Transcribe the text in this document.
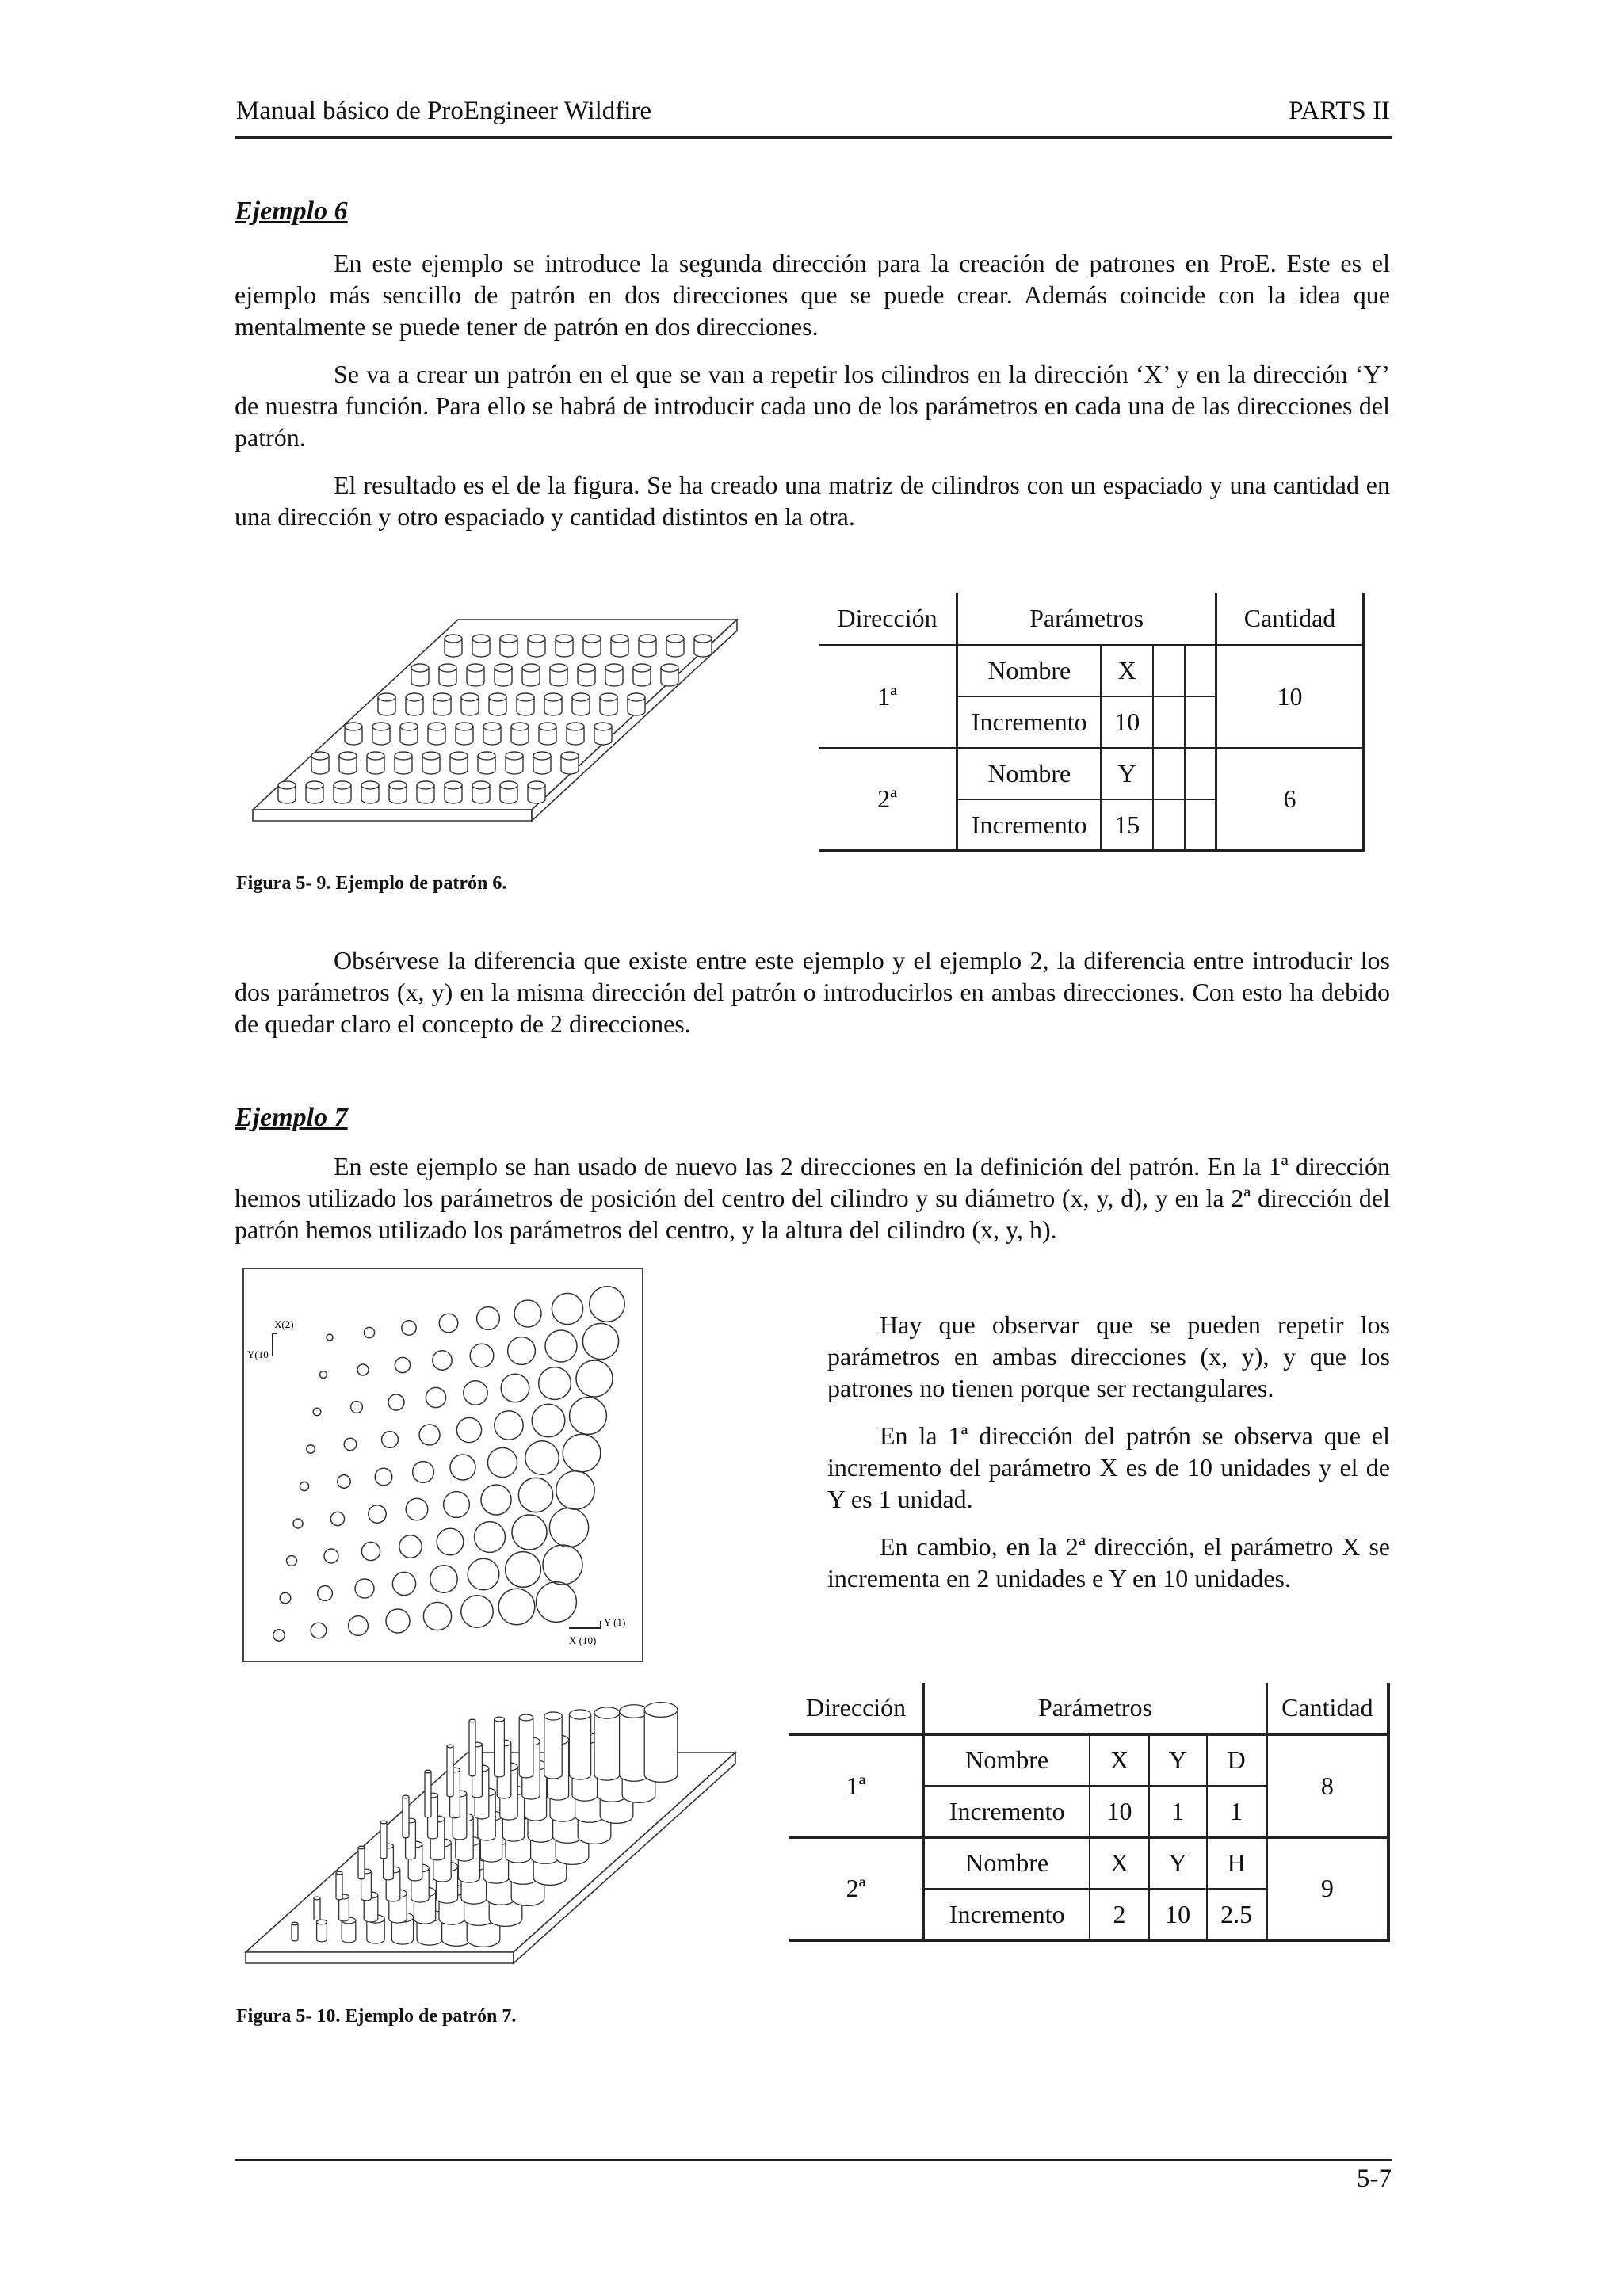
Manual básico de ProEngineer Wildfire	PARTS II
Ejemplo 6
En este ejemplo se introduce la segunda dirección para la creación de patrones en ProE. Este es el ejemplo más sencillo de patrón en dos direcciones que se puede crear. Además coincide con la idea que mentalmente se puede tener de patrón en dos direcciones.
Se va a crear un patrón en el que se van a repetir los cilindros en la dirección ‘X’ y en la dirección ‘Y’ de nuestra función. Para ello se habrá de introducir cada uno de los parámetros en cada una de las direcciones del patrón.
El resultado es el de la figura. Se ha creado una matriz de cilindros con un espaciado y una cantidad en una dirección y otro espaciado y cantidad distintos en la otra.
Dirección	Parámetros				Cantidad
1ª	Nombre	X			10
	Incremento	10			
2ª	Nombre	Y			6
	Incremento	15			
Figura 5- 9. Ejemplo de patrón 6.
Obsérvese la diferencia que existe entre este ejemplo y el ejemplo 2, la diferencia entre introducir los dos parámetros (x, y) en la misma dirección del patrón o introducirlos en ambas direcciones. Con esto ha debido de quedar claro el concepto de 2 direcciones.
Ejemplo 7
En este ejemplo se han usado de nuevo las 2 direcciones en la definición del patrón. En la 1ª dirección hemos utilizado los parámetros de posición del centro del cilindro y su diámetro (x, y, d), y en la 2ª dirección del patrón hemos utilizado los parámetros del centro, y la altura del cilindro (x, y, h).
X(2)
Y(10
Y (1)
X (10)
Hay que observar que se pueden repetir los parámetros en ambas direcciones (x, y), y que los patrones no tienen porque ser rectangulares.
En la 1ª dirección del patrón se observa que el incremento del parámetro X es de 10 unidades y el de Y es 1 unidad.
En cambio, en la 2ª dirección, el parámetro X se incrementa en 2 unidades e Y en 10 unidades.
Dirección	Parámetros				Cantidad
1ª	Nombre	X	Y	D	8
	Incremento	10	1	1	
2ª	Nombre	X	Y	H	9
	Incremento	2	10	2.5	
Figura 5- 10. Ejemplo de patrón 7.
5-7
